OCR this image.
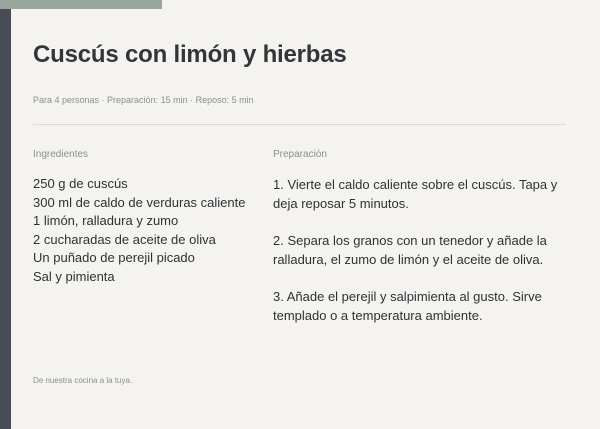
Cuscús con limón y hierbas
Para 4 personas · Preparación: 15 min · Reposo: 5 min
Ingredientes	Preparación
250 g de cuscús
300 ml de caldo de verduras caliente
1 limón, ralladura y zumo
2 cucharadas de aceite de oliva
Un puñado de perejil picado
Sal y pimienta
1. Vierte el caldo caliente sobre el cuscús. Tapa y deja reposar 5 minutos.
2. Separa los granos con un tenedor y añade la ralladura, el zumo de limón y el aceite de oliva.
3. Añade el perejil y salpimienta al gusto. Sirve templado o a temperatura ambiente.
De nuestra cocina a la tuya.
